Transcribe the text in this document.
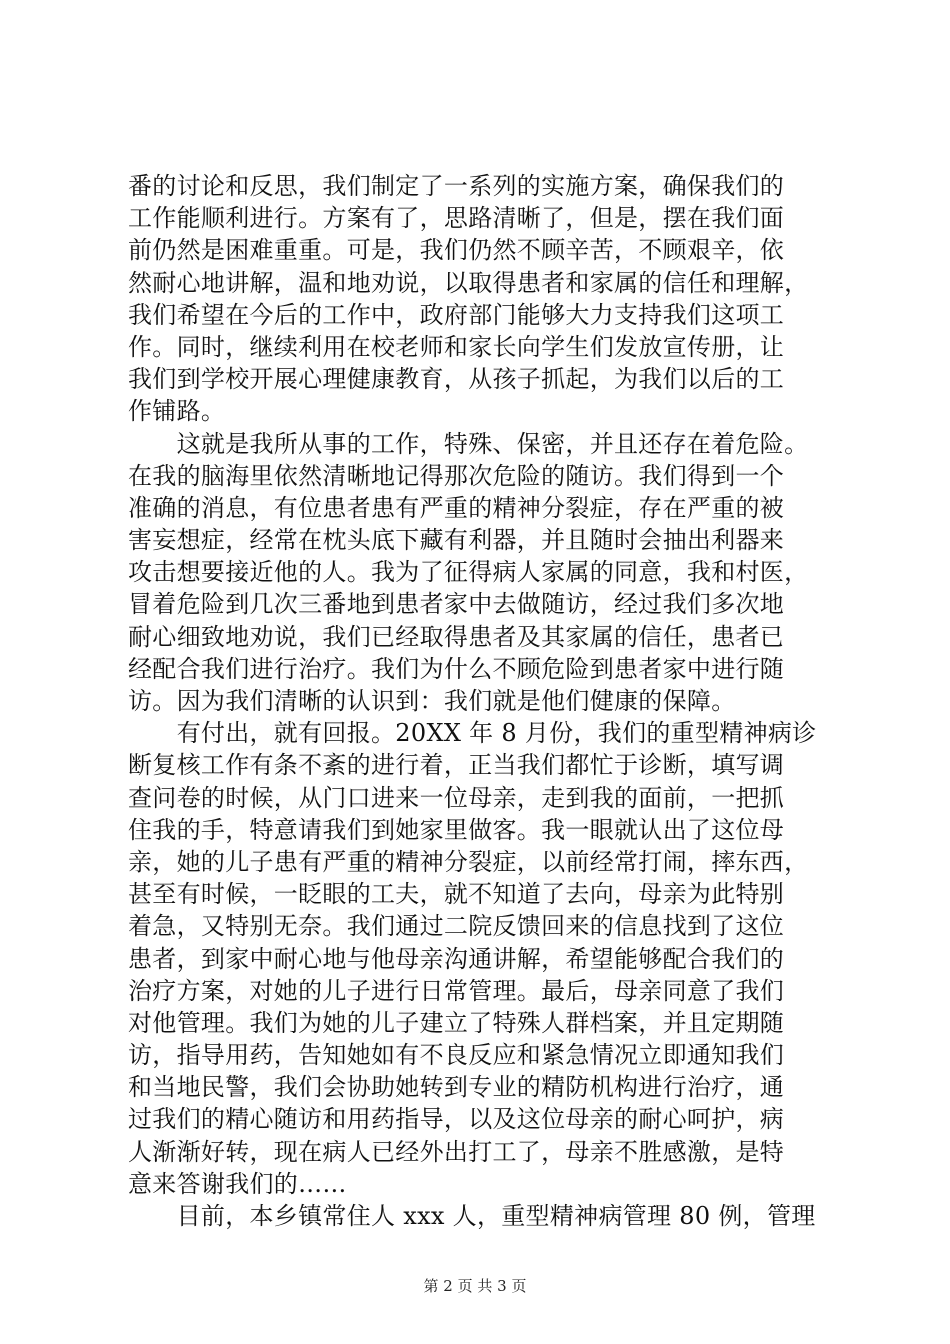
番的讨论和反思，我们制定了一系列的实施方案，确保我们的
工作能顺利进行。方案有了，思路清晰了，但是，摆在我们面
前仍然是困难重重。可是，我们仍然不顾辛苦，不顾艰辛，依
然耐心地讲解，温和地劝说，以取得患者和家属的信任和理解，
我们希望在今后的工作中，政府部门能够大力支持我们这项工
作。同时，继续利用在校老师和家长向学生们发放宣传册，让
我们到学校开展心理健康教育，从孩子抓起，为我们以后的工
作铺路。
　　这就是我所从事的工作，特殊、保密，并且还存在着危险。
在我的脑海里依然清晰地记得那次危险的随访。我们得到一个
准确的消息，有位患者患有严重的精神分裂症，存在严重的被
害妄想症，经常在枕头底下藏有利器，并且随时会抽出利器来
攻击想要接近他的人。我为了征得病人家属的同意，我和村医，
冒着危险到几次三番地到患者家中去做随访，经过我们多次地
耐心细致地劝说，我们已经取得患者及其家属的信任，患者已
经配合我们进行治疗。我们为什么不顾危险到患者家中进行随
访。因为我们清晰的认识到：我们就是他们健康的保障。
　　有付出，就有回报。20XX 年 8 月份，我们的重型精神病诊
断复核工作有条不紊的进行着，正当我们都忙于诊断，填写调
查问卷的时候，从门口进来一位母亲，走到我的面前，一把抓
住我的手，特意请我们到她家里做客。我一眼就认出了这位母
亲，她的儿子患有严重的精神分裂症，以前经常打闹，摔东西，
甚至有时候，一眨眼的工夫，就不知道了去向，母亲为此特别
着急，又特别无奈。我们通过二院反馈回来的信息找到了这位
患者，到家中耐心地与他母亲沟通讲解，希望能够配合我们的
治疗方案，对她的儿子进行日常管理。最后，母亲同意了我们
对他管理。我们为她的儿子建立了特殊人群档案，并且定期随
访，指导用药，告知她如有不良反应和紧急情况立即通知我们
和当地民警，我们会协助她转到专业的精防机构进行治疗，通
过我们的精心随访和用药指导，以及这位母亲的耐心呵护，病
人渐渐好转，现在病人已经外出打工了，母亲不胜感激，是特
意来答谢我们的……
　　目前，本乡镇常住人 xxx 人，重型精神病管理 80 例，管理
第 2 页 共 3 页
